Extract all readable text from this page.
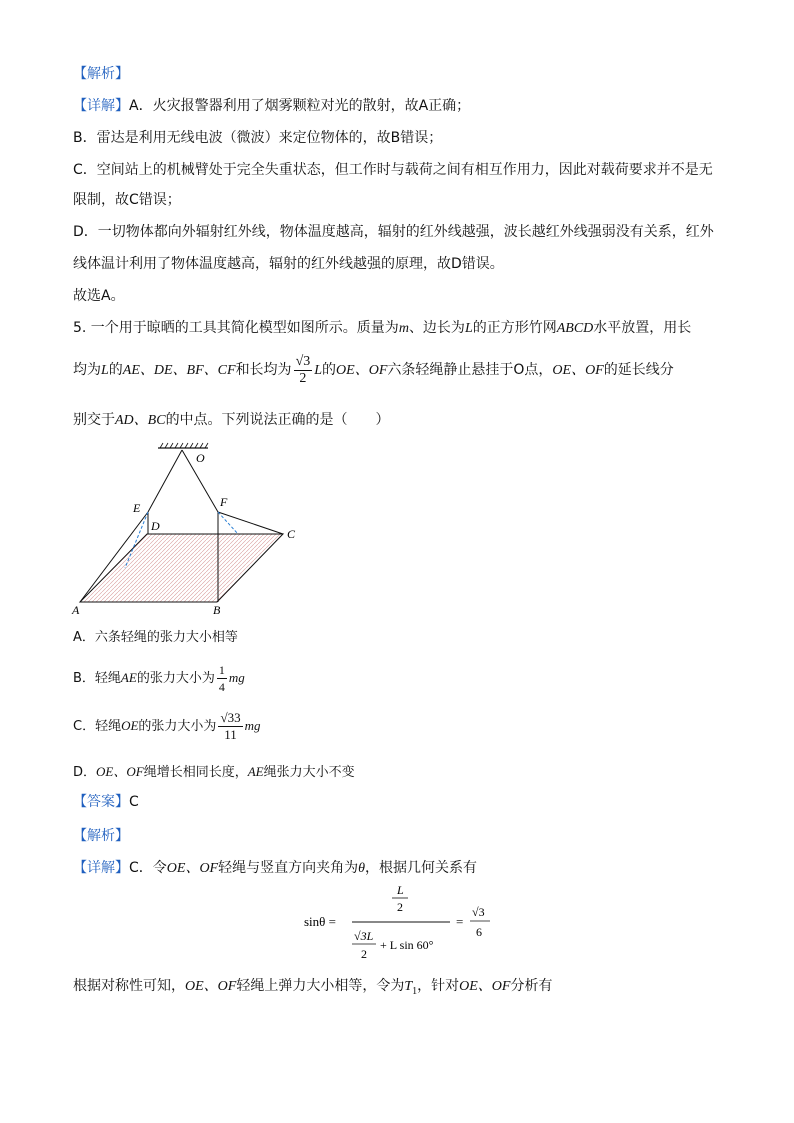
【解析】
【详解】A．火灾报警器利用了烟雾颗粒对光的散射，故A正确；
B．雷达是利用无线电波（微波）来定位物体的，故B错误；
C．空间站上的机械臂处于完全失重状态，但工作时与载荷之间有相互作用力，因此对载荷要求并不是无
限制，故C错误；
D．一切物体都向外辐射红外线，物体温度越高，辐射的红外线越强，波长越红外线强弱没有关系，红外
线体温计利用了物体温度越高，辐射的红外线越强的原理，故D错误。
故选A。
5. 一个用于晾晒的工具其简化模型如图所示。质量为m、边长为L的正方形竹网ABCD水平放置，用长
均为L的AE、DE、BF、CF和长均为 $\frac{√3}{2}$ L的OE、OF六条轻绳静止悬挂于O点，OE、OF的延长线分
别交于AD、BC的中点。下列说法正确的是（　　）
O
E	F
D
C
A	B
A．六条轻绳的张力大小相等
B．轻绳AE的张力大小为 $\frac{1}{4}$ mg
C．轻绳OE的张力大小为 $\frac{√33}{11}$ mg
D．OE、OF绳增长相同长度，AE绳张力大小不变
【答案】C
【解析】
【详解】C．令OE、OF轻绳与竖直方向夹角为θ，根据几何关系有
sinθ =
L
2
√3L
2
+ L sin 60°
=
√3
6
根据对称性可知，OE、OF轻绳上弹力大小相等，令为$T_1$，针对OE、OF分析有
